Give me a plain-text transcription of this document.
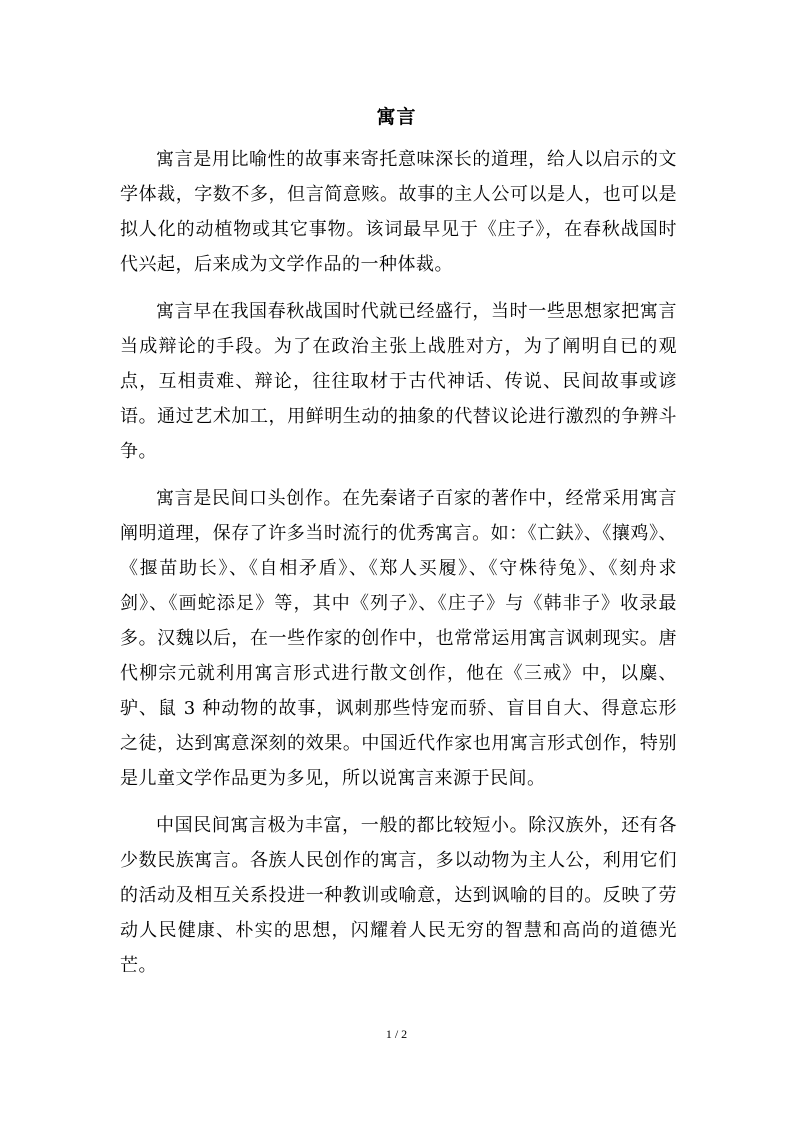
寓言

寓言是用比喻性的故事来寄托意味深长的道理，给人以启示的文学体裁，字数不多，但言简意赅。故事的主人公可以是人，也可以是拟人化的动植物或其它事物。该词最早见于《庄子》，在春秋战国时代兴起，后来成为文学作品的一种体裁。

寓言早在我国春秋战国时代就已经盛行，当时一些思想家把寓言当成辩论的手段。为了在政治主张上战胜对方，为了阐明自已的观点，互相责难、辩论，往往取材于古代神话、传说、民间故事或谚语。通过艺术加工，用鲜明生动的抽象的代替议论进行激烈的争辨斗争。

寓言是民间口头创作。在先秦诸子百家的著作中，经常采用寓言阐明道理，保存了许多当时流行的优秀寓言。如：《亡鈇》、《攘鸡》、《揠苗助长》、《自相矛盾》、《郑人买履》、《守株待兔》、《刻舟求剑》、《画蛇添足》等，其中《列子》、《庄子》与《韩非子》收录最多。汉魏以后，在一些作家的创作中，也常常运用寓言讽刺现实。唐代柳宗元就利用寓言形式进行散文创作，他在《三戒》中，以麋、驴、鼠 3 种动物的故事，讽刺那些恃宠而骄、盲目自大、得意忘形之徒，达到寓意深刻的效果。中国近代作家也用寓言形式创作，特别是儿童文学作品更为多见，所以说寓言来源于民间。

中国民间寓言极为丰富，一般的都比较短小。除汉族外，还有各少数民族寓言。各族人民创作的寓言，多以动物为主人公，利用它们的活动及相互关系投进一种教训或喻意，达到讽喻的目的。反映了劳动人民健康、朴实的思想，闪耀着人民无穷的智慧和高尚的道德光芒。

1 / 2
